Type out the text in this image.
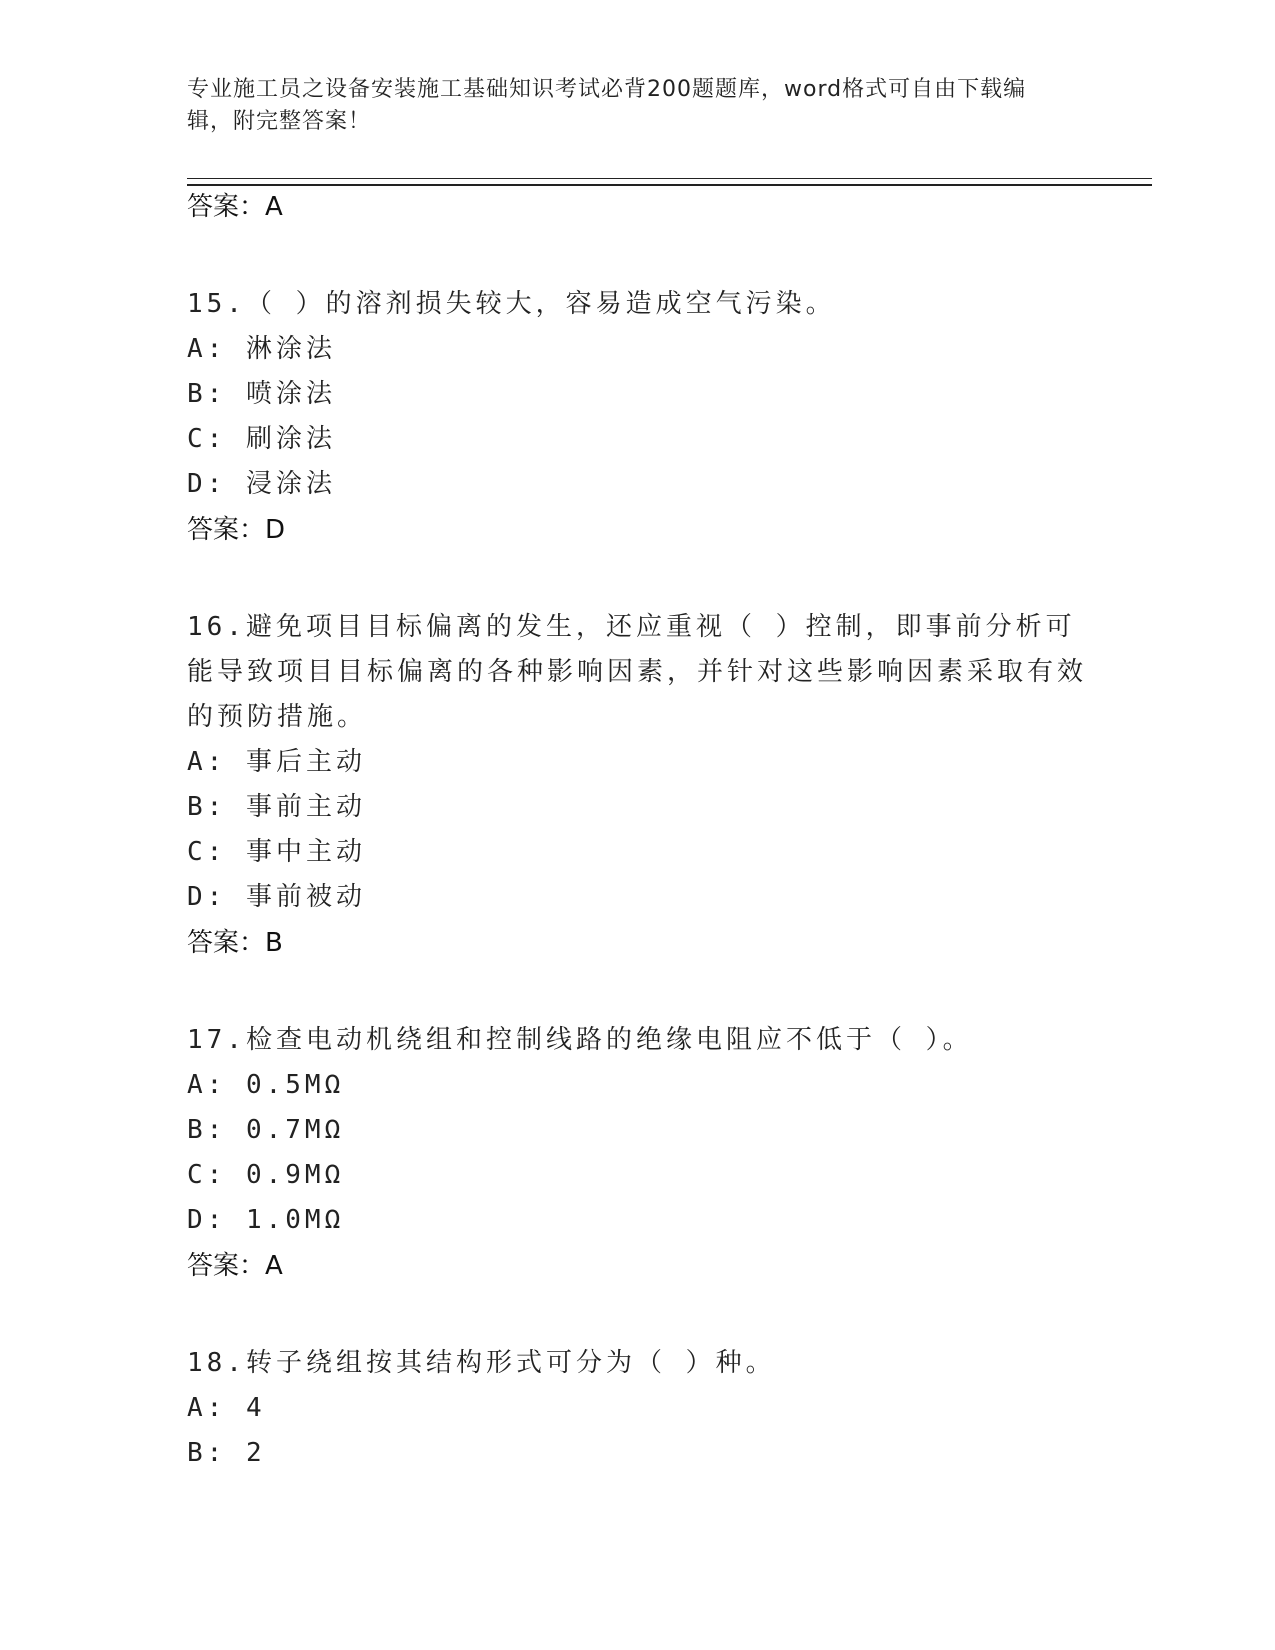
专业施工员之设备安装施工基础知识考试必背200题题库，word格式可自由下载编辑，附完整答案！
答案：A
15.（ ）的溶剂损失较大，容易造成空气污染。
A: 淋涂法
B: 喷涂法
C: 刷涂法
D: 浸涂法
答案：D
16.避免项目目标偏离的发生，还应重视（ ）控制，即事前分析可能导致项目目标偏离的各种影响因素，并针对这些影响因素采取有效的预防措施。
A: 事后主动
B: 事前主动
C: 事中主动
D: 事前被动
答案：B
17.检查电动机绕组和控制线路的绝缘电阻应不低于（ ）。
A: 0.5MΩ
B: 0.7MΩ
C: 0.9MΩ
D: 1.0MΩ
答案：A
18.转子绕组按其结构形式可分为（ ）种。
A: 4
B: 2
